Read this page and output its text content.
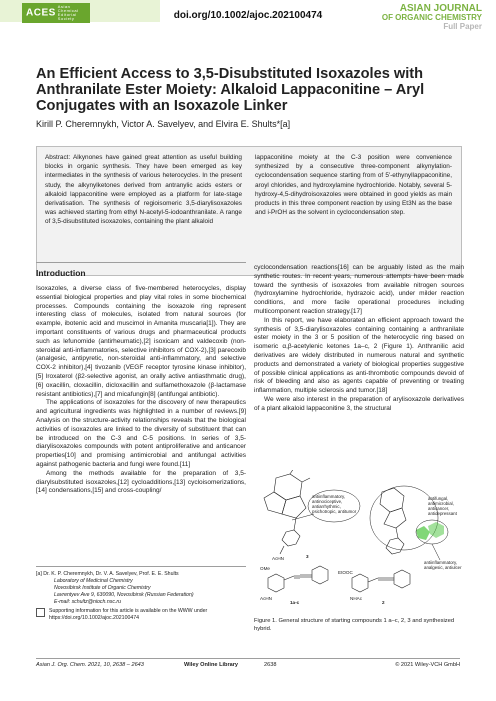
ACESAsian Chemical Editorial Society	doi.org/10.1002/ajoc.202100474
ASIAN JOURNAL
OF ORGANIC CHEMISTRY
Full Paper
An Efficient Access to 3,5-Disubstituted Isoxazoles with Anthranilate Ester Moiety: Alkaloid Lappaconitine – Aryl Conjugates with an Isoxazole Linker
Kirill P. Cheremnykh, Victor A. Savelyev, and Elvira E. Shults*[a]
Abstract: Alkynones have gained great attention as useful building blocks in organic synthesis. They have been emerged as key intermediates in the synthesis of various heterocycles. In the present study, the alkynylketones derived from antranylic acids esters or alkaloid lappaconitine were employed as a platform for late-stage derivatisation. The synthesis of regioisomeric 3,5-diarylisoxazoles was achieved starting from ethyl N-acetyl-5-iodoanthranilate. A range of 3,5-disubstituted isoxazoles, containing the plant alkaloid
lappaconitine moiety at the C-3 position were convenience synthesized by a consecutive three-component alkynylation-cyclocondensation sequence starting from of 5'-ethynyllappaconitine, aroyl chlorides, and hydroxylamine hydrochloride. Notably, several 5-hydroxy-4,5-dihydroisoxazoles were obtained in good yields as main products in this three component reaction by using Et3N as the base and i-PrOH as the solvent in cyclocondensation step.
Introduction
Isoxazoles, a diverse class of five-membered heterocycles, display essential biological properties and play vital roles in some biochemical processes. Compounds containing the isoxazole ring represent interesting class of molecules, isolated from natural sources (for example, ibotenic acid and muscimol in Amanita muscaria[1]). They are important constituents of various drugs and pharmaceutical products such as lefunomide (antirheumatic),[2] isoxicam and valdecoxib (non-steroidal anti-inflammatories, selective inhibitors of COX-2),[3] parecoxib (analgesic, antipyretic, non-steroidal anti-inflammatory, and selective COX-2 inhibitor),[4] tivozanib (VEGF receptor tyrosine kinase inhibitor),[5] lroxaterol (β2-selective agonist, an orally active antiasthmatic drug),[6] oxacillin, cloxacillin, dicloxacillin and sulfamethoxazole (β-lactamase resistant antibiotics),[7] and micafungin[8] (antifungal antibiotic).
The applications of isoxazoles for the discovery of new therapeutics and agricultural ingredients was highlighted in a number of reviews.[9] Analysis on the structure-activity relationships reveals that the biological activities of isoxazoles are linked to the diversity of substituent that can be introduced on the C-3 and C-5 positions. In series of 3,5-diarylisoxazoles compounds with potent antiproliferative and anticancer properties[10] and promising antimicrobial and antifungal activities against pathogenic bacteria and fungi were found.[11]
Among the methods available for the preparation of 3,5-diarylsubstituted isoxazoles,[12] cycloadditions,[13] cycloisomerizations,[14] condensations,[15] and cross-coupling/
[a] Dr. K. P. Cheremnykh, Dr. V. A. Savelyev, Prof. E. E. Shults
Laboratory of Medicinal Chemistry
Novosibirsk Institute of Organic Chemistry
Lavrentyev Ave 9, 630090, Novosibirsk (Russian Federation)
E-mail: schultz@nioch.nsc.ru
Supporting information for this article is available on the WWW under https://doi.org/10.1002/ajoc.202100474
cyclocondensation reactions[16] can be arguably listed as the main synthetic routes. In recent years, numerous attempts have been made toward the synthesis of isoxazoles from available nitrogen sources (hydroxylamine hydrochloride, hydrazoic acid), under milder reaction conditions, and more facile operational procedures including multicomponent reaction strategy.[17]
In this report, we have elaborated an efficient approach toward the synthesis of 3,5-diarylisoxazoles containing containing a anthranilate ester moiety in the 3 or 5 position of the heterocyclic ring based on isomeric α,β-acetylenic ketones 1a–c, 2 (Figure 1). Anthranilic acid derivatives are widely distributed in numerous natural and synthetic products and demonstrated a variety of biological properties suggestive of possible clinical applications as anti-thrombotic compounds devoid of risk of bleeding and also as agents capable of preventing or treating inflammation, multiple sclerosis and tumor.[18]
We were also interest in the preparation of arylisoxazole derivatives of a plant alkaloid lappaconitine 3, the structural
AcHN	3
antiinflammatory, antinociceptive, antiarrhythmic, psichotropic, antitumor
antifungal, antimicrobial, anticancer, antidepressant
antiinflammatory, analgesic, antiulcer
OMe
AcHN
1a-c
EtOOC
NHAc
2
Figure 1. General structure of starting compounds 1 a–c, 2, 3 and synthesized hybrid.
Asian J. Org. Chem. 2021, 10, 2638 – 2643	Wiley Online Library	2638	© 2021 Wiley-VCH GmbH
